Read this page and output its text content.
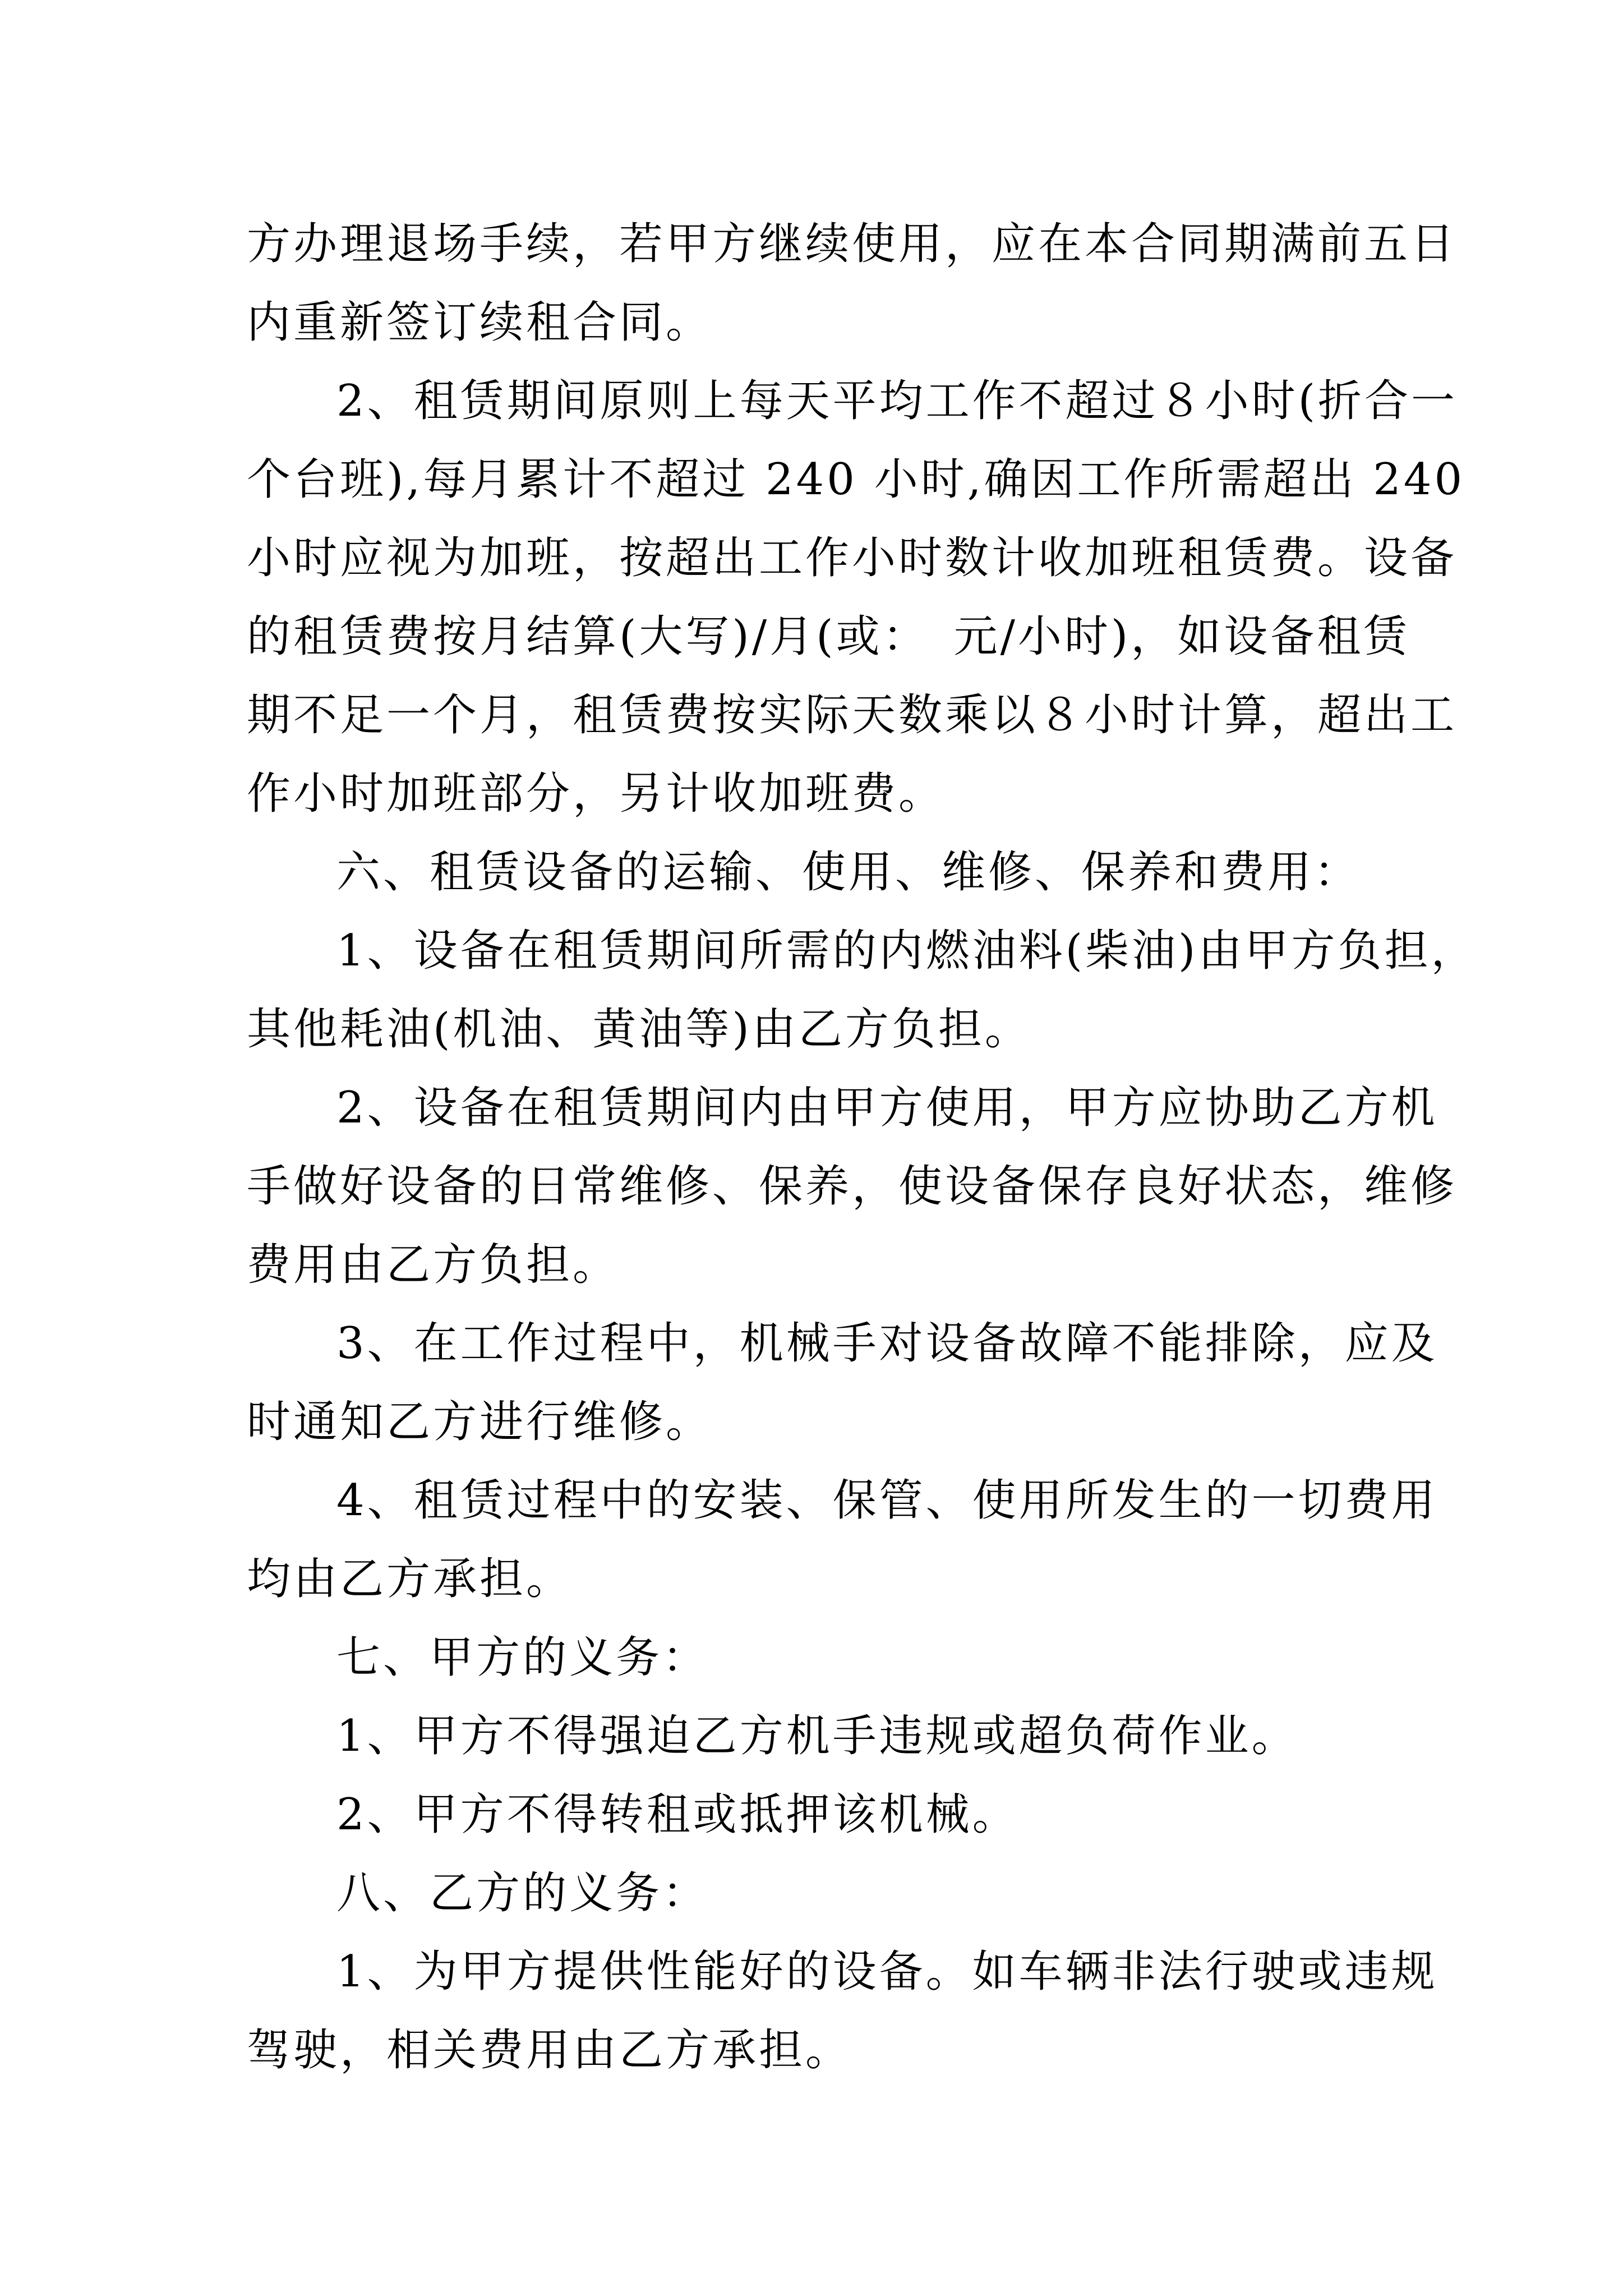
方办理退场手续，若甲方继续使用，应在本合同期满前五日
内重新签订续租合同。
2、租赁期间原则上每天平均工作不超过８小时(折合一
个台班),每月累计不超过 240 小时,确因工作所需超出 240
小时应视为加班，按超出工作小时数计收加班租赁费。设备
的租赁费按月结算(大写)/月(或：　元/小时)，如设备租赁
期不足一个月，租赁费按实际天数乘以８小时计算，超出工
作小时加班部分，另计收加班费。
六、租赁设备的运输、使用、维修、保养和费用：
1、设备在租赁期间所需的内燃油料(柴油)由甲方负担，
其他耗油(机油、黄油等)由乙方负担。
2、设备在租赁期间内由甲方使用，甲方应协助乙方机
手做好设备的日常维修、保养，使设备保存良好状态，维修
费用由乙方负担。
3、在工作过程中，机械手对设备故障不能排除，应及
时通知乙方进行维修。
4、租赁过程中的安装、保管、使用所发生的一切费用
均由乙方承担。
七、甲方的义务：
1、甲方不得强迫乙方机手违规或超负荷作业。
2、甲方不得转租或抵押该机械。
八、乙方的义务：
1、为甲方提供性能好的设备。如车辆非法行驶或违规
驾驶，相关费用由乙方承担。
